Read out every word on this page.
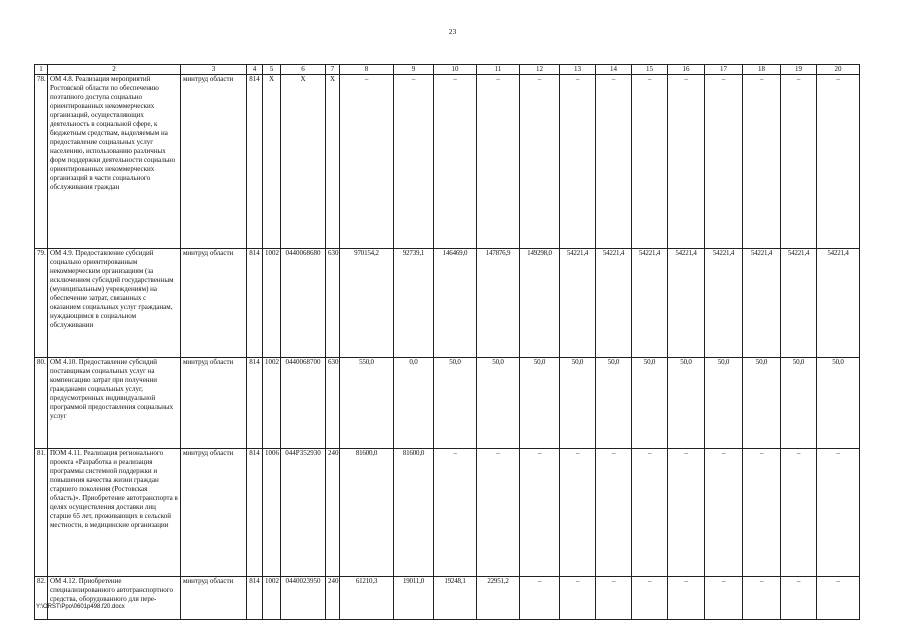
23
1	2	3	4	5	6	7	8	9	10	11	12	13	14	15	16	17	18	19	20
78.	ОМ 4.8. Реализация мероприятий Ростовской области по обеспечению поэтапного доступа социально ориентированных некоммерческих организаций, осуществляющих деятельность в социальной сфере, к бюджетным средствам, выделяемым на предоставление социальных услуг населению, использованию различных форм поддержки деятельности социально ориентированных некоммерческих организаций в части социального обслуживания граждан	минтруд области	814	Х	Х	Х	–	–	–	–	–	–	–	–	–	–	–	–	–
79.	ОМ 4.9. Предоставление субсидий социально ориентированным некоммерческим организациям (за исключением субсидий государственным (муниципальным) учреждениям) на обеспечение затрат, связанных с оказанием социальных услуг гражданам, нуждающимся в социальном обслуживании	минтруд области	814	1002	0440068680	630	970154,2	92739,1	146469,0	147876,9	149298,0	54221,4	54221,4	54221,4	54221,4	54221,4	54221,4	54221,4	54221,4
80.	ОМ 4.10. Предоставление субсидий поставщикам социальных услуг на компенсацию затрат при получении гражданами социальных услуг, предусмотренных индивидуальной программой предоставления социальных услуг	минтруд области	814	1002	0440068700	630	550,0	0,0	50,0	50,0	50,0	50,0	50,0	50,0	50,0	50,0	50,0	50,0	50,0
81.	ПОМ 4.11. Реализация регионального проекта «Разработка и реализация программы системной поддержки и повышения качества жизни граждан старшего поколения (Ростовская область)». Приобретение автотранспорта в целях осуществления доставки лиц старше 65 лет, проживающих в сельской местности, в медицинские организации	минтруд области	814	1006	044P352930	240	81600,0	81600,0	–	–	–	–	–	–	–	–	–	–	–
82.	ОМ 4.12. Приобретение специализированного автотранспортного средства, оборудованного для пере-	минтруд области	814	1002	0440023950	240	61210,3	19011,0	19248,1	22951,2	–	–	–	–	–	–	–	–	–
Y:\ORST\Ppo\0601p498.f20.docx
